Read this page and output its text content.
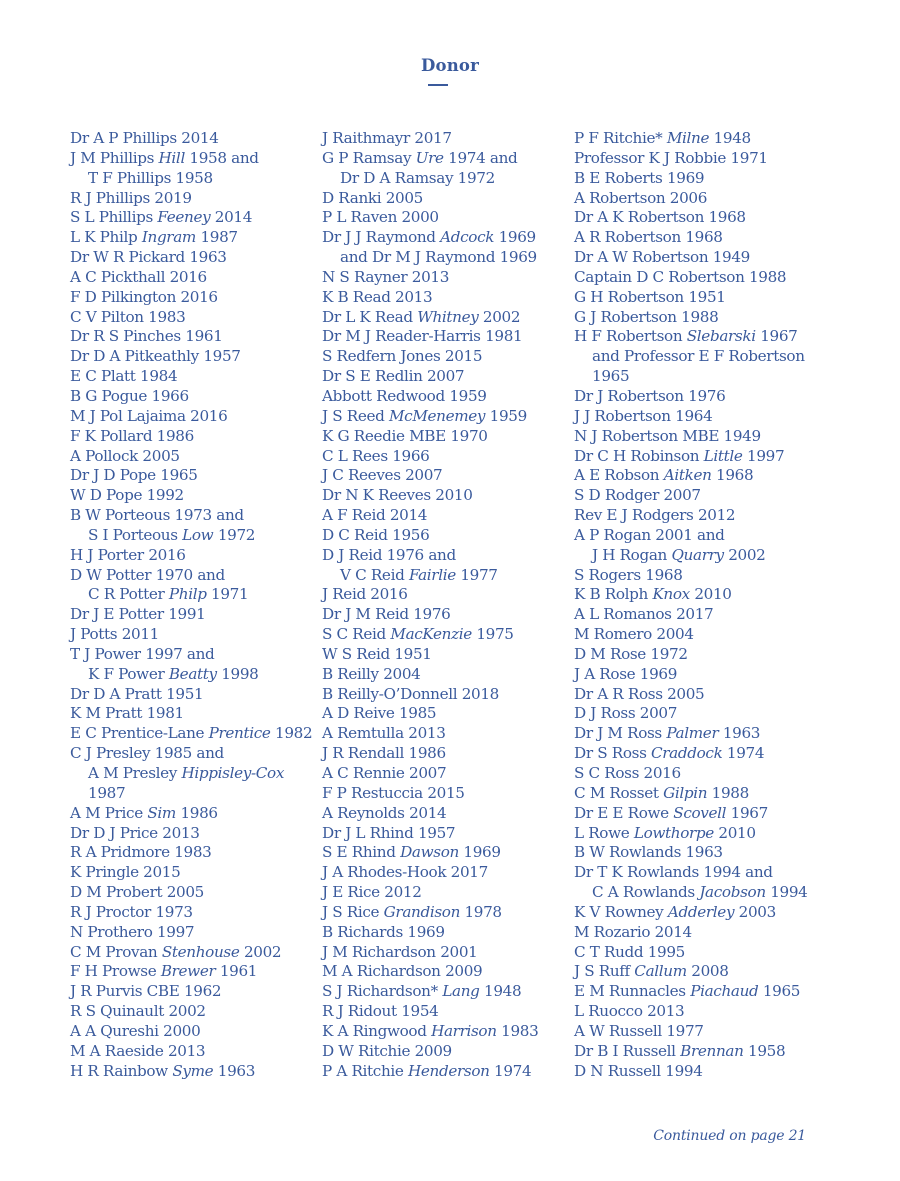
Donor
Dr A P Phillips 2014
J M Phillips Hill 1958 and
T F Phillips 1958
R J Phillips 2019
S L Phillips Feeney 2014
L K Philp Ingram 1987
Dr W R Pickard 1963
A C Pickthall 2016
F D Pilkington 2016
C V Pilton 1983
Dr R S Pinches 1961
Dr D A Pitkeathly 1957
E C Platt 1984
B G Pogue 1966
M J Pol Lajaima 2016
F K Pollard 1986
A Pollock 2005
Dr J D Pope 1965
W D Pope 1992
B W Porteous 1973 and
S I Porteous Low 1972
H J Porter 2016
D W Potter 1970 and
C R Potter Philp 1971
Dr J E Potter 1991
J Potts 2011
T J Power 1997 and
K F Power Beatty 1998
Dr D A Pratt 1951
K M Pratt 1981
E C Prentice-Lane Prentice 1982
C J Presley 1985 and
A M Presley Hippisley-Cox
1987
A M Price Sim 1986
Dr D J Price 2013
R A Pridmore 1983
K Pringle 2015
D M Probert 2005
R J Proctor 1973
N Prothero 1997
C M Provan Stenhouse 2002
F H Prowse Brewer 1961
J R Purvis CBE 1962
R S Quinault 2002
A A Qureshi 2000
M A Raeside 2013
H R Rainbow Syme 1963
J Raithmayr 2017
G P Ramsay Ure 1974 and
Dr D A Ramsay 1972
D Ranki 2005
P L Raven 2000
Dr J J Raymond Adcock 1969
and Dr M J Raymond 1969
N S Rayner 2013
K B Read 2013
Dr L K Read Whitney 2002
Dr M J Reader-Harris 1981
S Redfern Jones 2015
Dr S E Redlin 2007
Abbott Redwood 1959
J S Reed McMenemey 1959
K G Reedie MBE 1970
C L Rees 1966
J C Reeves 2007
Dr N K Reeves 2010
A F Reid 2014
D C Reid 1956
D J Reid 1976 and
V C Reid Fairlie 1977
J Reid 2016
Dr J M Reid 1976
S C Reid MacKenzie 1975
W S Reid 1951
B Reilly 2004
B Reilly-O’Donnell 2018
A D Reive 1985
A Remtulla 2013
J R Rendall 1986
A C Rennie 2007
F P Restuccia 2015
A Reynolds 2014
Dr J L Rhind 1957
S E Rhind Dawson 1969
J A Rhodes-Hook 2017
J E Rice 2012
J S Rice Grandison 1978
B Richards 1969
J M Richardson 2001
M A Richardson 2009
S J Richardson* Lang 1948
R J Ridout 1954
K A Ringwood Harrison 1983
D W Ritchie 2009
P A Ritchie Henderson 1974
P F Ritchie* Milne 1948
Professor K J Robbie 1971
B E Roberts 1969
A Robertson 2006
Dr A K Robertson 1968
A R Robertson 1968
Dr A W Robertson 1949
Captain D C Robertson 1988
G H Robertson 1951
G J Robertson 1988
H F Robertson Slebarski 1967
and Professor E F Robertson
1965
Dr J Robertson 1976
J J Robertson 1964
N J Robertson MBE 1949
Dr C H Robinson Little 1997
A E Robson Aitken 1968
S D Rodger 2007
Rev E J Rodgers 2012
A P Rogan 2001 and
J H Rogan Quarry 2002
S Rogers 1968
K B Rolph Knox 2010
A L Romanos 2017
M Romero 2004
D M Rose 1972
J A Rose 1969
Dr A R Ross 2005
D J Ross 2007
Dr J M Ross Palmer 1963
Dr S Ross Craddock 1974
S C Ross 2016
C M Rosset Gilpin 1988
Dr E E Rowe Scovell 1967
L Rowe Lowthorpe 2010
B W Rowlands 1963
Dr T K Rowlands 1994 and
C A Rowlands Jacobson 1994
K V Rowney Adderley 2003
M Rozario 2014
C T Rudd 1995
J S Ruff Callum 2008
E M Runnacles Piachaud 1965
L Ruocco 2013
A W Russell 1977
Dr B I Russell Brennan 1958
D N Russell 1994
Continued on page 21
